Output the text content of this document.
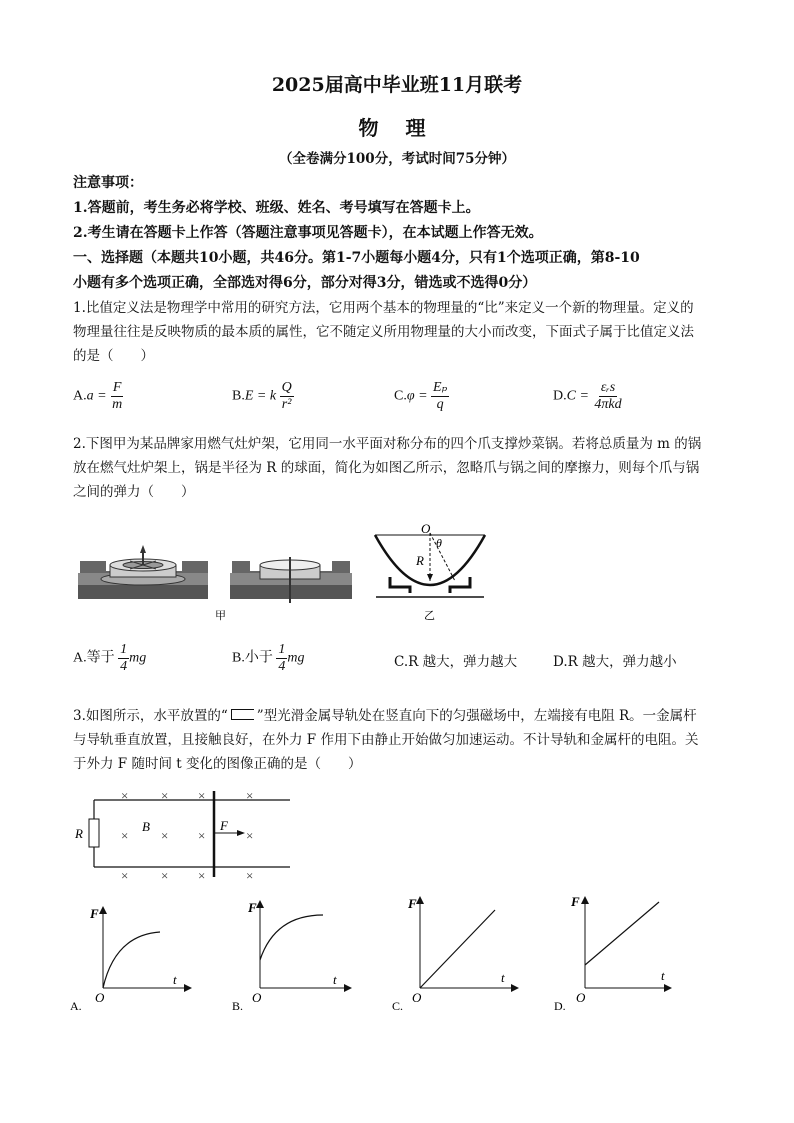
2025届高中毕业班11月联考
物 理
（全卷满分100分，考试时间75分钟）
注意事项：
1.答题前，考生务必将学校、班级、姓名、考号填写在答题卡上。
2.考生请在答题卡上作答（答题注意事项见答题卡），在本试题上作答无效。
一、选择题（本题共10小题，共46分。第1-7小题每小题4分，只有1个选项正确，第8-10
小题有多个选项正确，全部选对得6分，部分对得3分，错选或不选得0分）
1.比值定义法是物理学中常用的研究方法，它用两个基本的物理量的“比”来定义一个新的物理量。定义的
物理量往往是反映物质的最本质的属性，它不随定义所用物理量的大小而改变，下面式子属于比值定义法
的是（　　）
$A.a = \frac{F}{m}$	B.E = k $\frac{Q}{\text{r²}}$	$C.\varphi = \frac{\text{Eₚ}}{q}$	$D.C = \frac{\text{εᵣs}}{\text{4πkd}}$
2.下图甲为某品牌家用燃气灶炉架，它用同一水平面对称分布的四个爪支撑炒菜锅。若将总质量为 m 的锅
放在燃气灶炉架上，锅是半径为 R 的球面，简化为如图乙所示，忽略爪与锅之间的摩擦力，则每个爪与锅
之间的弹力（　　）
甲
O
θ
R
乙
A.等于 $\frac{1}{4}$ mg	B.小于 $\frac{1}{4}$ mg	C.R 越大，弹力越大	D.R 越大，弹力越小
3.如图所示，水平放置的“ ”型光滑金属导轨处在竖直向下的匀强磁场中，左端接有电阻 R。一金属杆
与导轨垂直放置，且接触良好，在外力 F 作用下由静止开始做匀加速运动。不计导轨和金属杆的电阻。关
于外力 F 随时间 t 变化的图像正确的是（　　）
R	B	F
×	× ×	×
×	× ×	×
×	× ×	×
F
t
O
A.
F
t
O
B.
F
t
O
C.
F
t
O
D.
